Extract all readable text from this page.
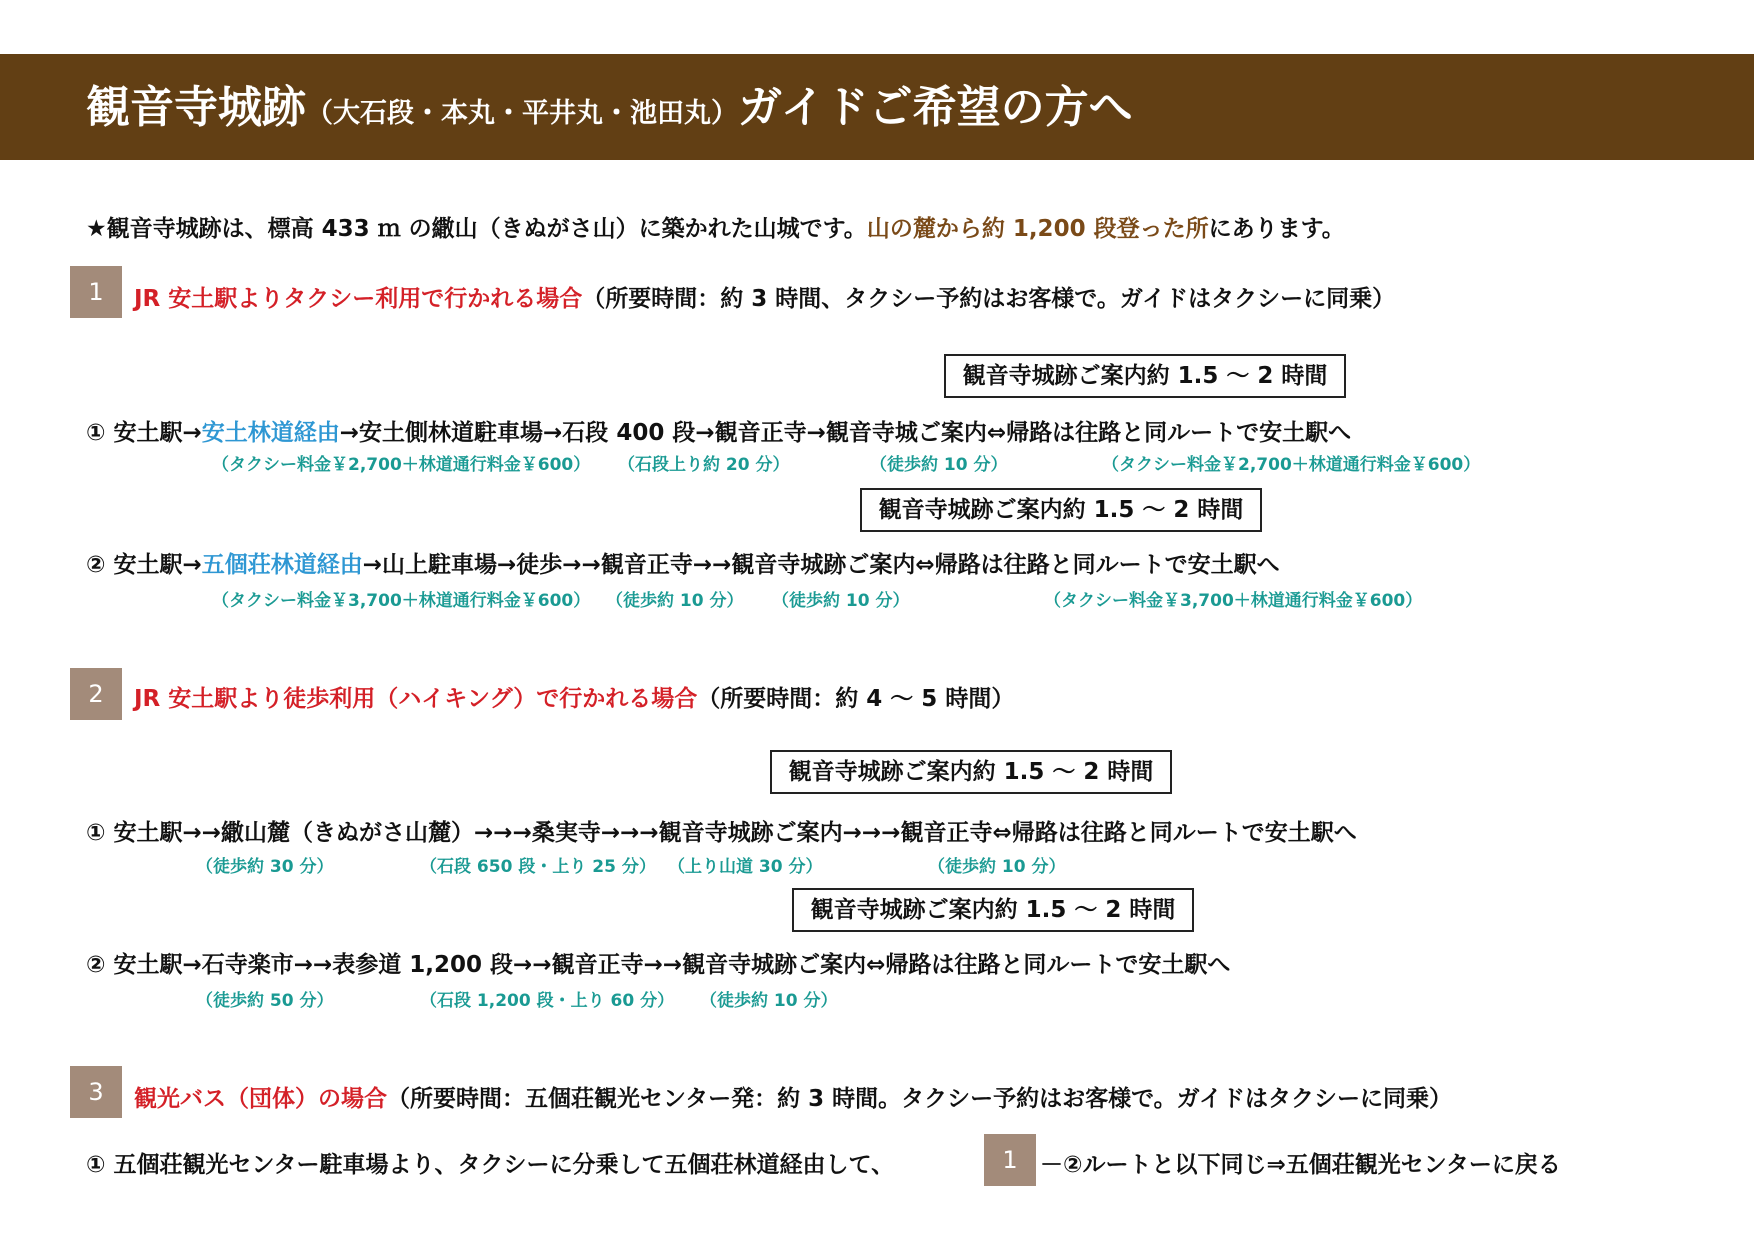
観音寺城跡（大石段・本丸・平井丸・池田丸）ガイドご希望の方へ
★観音寺城跡は、標高 433 ｍ の繖山（きぬがさ山）に築かれた山城です。山の麓から約 1,200 段登った所にあります。
1	JR 安土駅よりタクシー利用で行かれる場合（所要時間：約 3 時間、タクシー予約はお客様で。ガイドはタクシーに同乗）
観音寺城跡ご案内約 1.5 ～ 2 時間
① 安土駅→安土林道経由→安土側林道駐車場→石段 400 段→観音正寺→観音寺城ご案内⇔帰路は往路と同ルートで安土駅へ
（タクシー料金￥2,700＋林道通行料金￥600） （石段上り約 20 分）	（徒歩約 10 分）	（タクシー料金￥2,700＋林道通行料金￥600）
観音寺城跡ご案内約 1.5 ～ 2 時間
② 安土駅→五個荘林道経由→山上駐車場→徒歩→→観音正寺→→観音寺城跡ご案内⇔帰路は往路と同ルートで安土駅へ
（タクシー料金￥3,700＋林道通行料金￥600） （徒歩約 10 分） （徒歩約 10 分）	（タクシー料金￥3,700＋林道通行料金￥600）
2	JR 安土駅より徒歩利用（ハイキング）で行かれる場合（所要時間：約 4 ～ 5 時間）
観音寺城跡ご案内約 1.5 ～ 2 時間
① 安土駅→→繖山麓（きぬがさ山麓）→→→桑実寺→→→観音寺城跡ご案内→→→観音正寺⇔帰路は往路と同ルートで安土駅へ
（徒歩約 30 分）	（石段 650 段・上り 25 分） （上り山道 30 分）	（徒歩約 10 分）
観音寺城跡ご案内約 1.5 ～ 2 時間
② 安土駅→石寺楽市→→表参道 1,200 段→→観音正寺→→観音寺城跡ご案内⇔帰路は往路と同ルートで安土駅へ
（徒歩約 50 分）	（石段 1,200 段・上り 60 分） （徒歩約 10 分）
3	観光バス（団体）の場合（所要時間：五個荘観光センター発：約 3 時間。タクシー予約はお客様で。ガイドはタクシーに同乗）
① 五個荘観光センター駐車場より、タクシーに分乗して五個荘林道経由して、	1 －②ルートと以下同じ⇒五個荘観光センターに戻る
